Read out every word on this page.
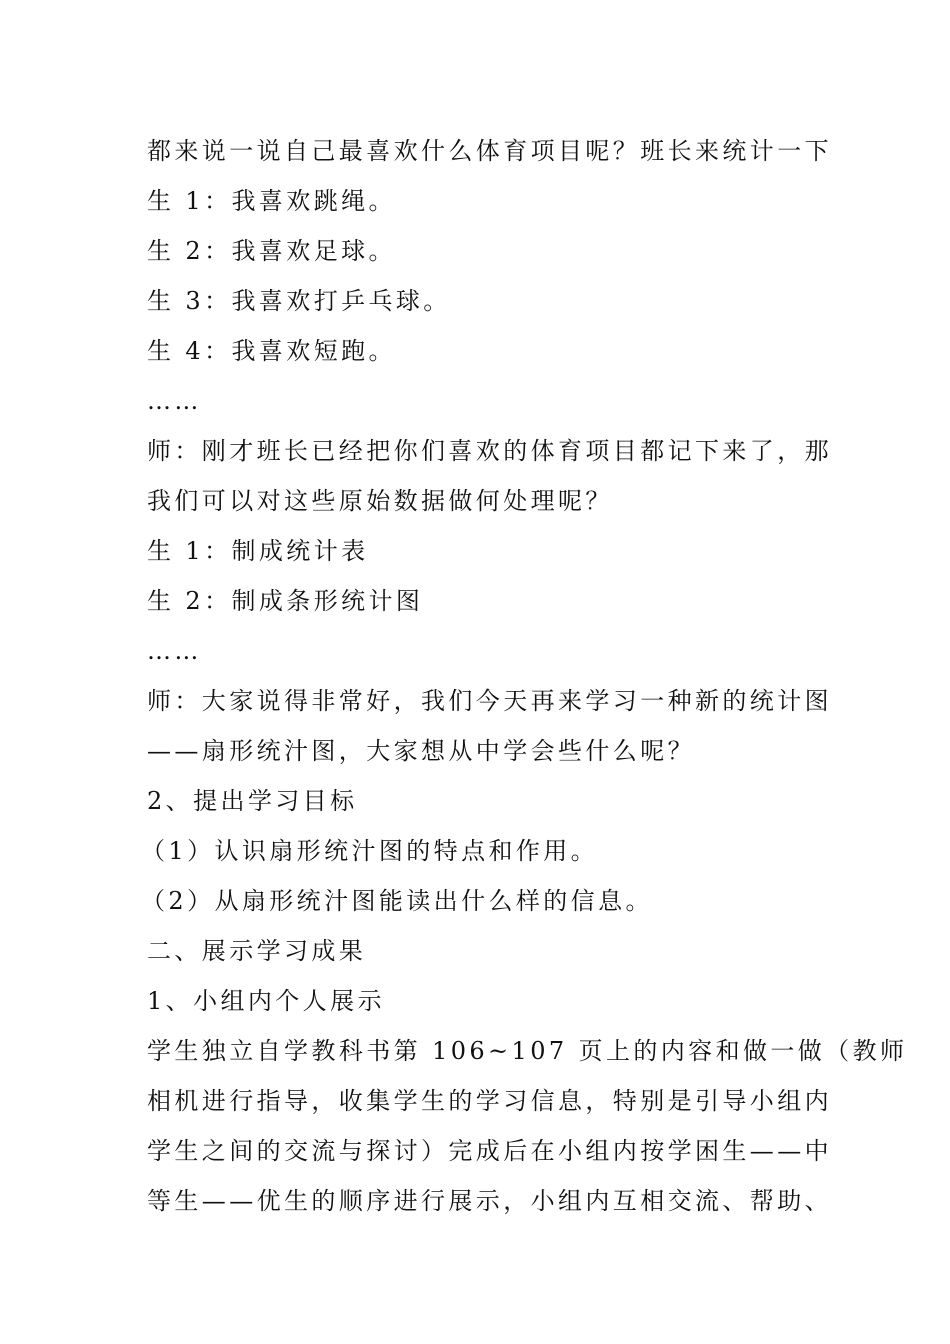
都来说一说自己最喜欢什么体育项目呢？班长来统计一下
生 1：我喜欢跳绳。
生 2：我喜欢足球。
生 3：我喜欢打乒乓球。
生 4：我喜欢短跑。
……
师：刚才班长已经把你们喜欢的体育项目都记下来了，那
我们可以对这些原始数据做何处理呢？
生 1：制成统计表
生 2：制成条形统计图
……
师：大家说得非常好，我们今天再来学习一种新的统计图
——扇形统汁图，大家想从中学会些什么呢？
2、提出学习目标
（1）认识扇形统汁图的特点和作用。
（2）从扇形统汁图能读出什么样的信息。
二、展示学习成果
1、小组内个人展示
学生独立自学教科书第 106~107 页上的内容和做一做（教师
相机进行指导，收集学生的学习信息，特别是引导小组内
学生之间的交流与探讨）完成后在小组内按学困生——中
等生——优生的顺序进行展示，小组内互相交流、帮助、
